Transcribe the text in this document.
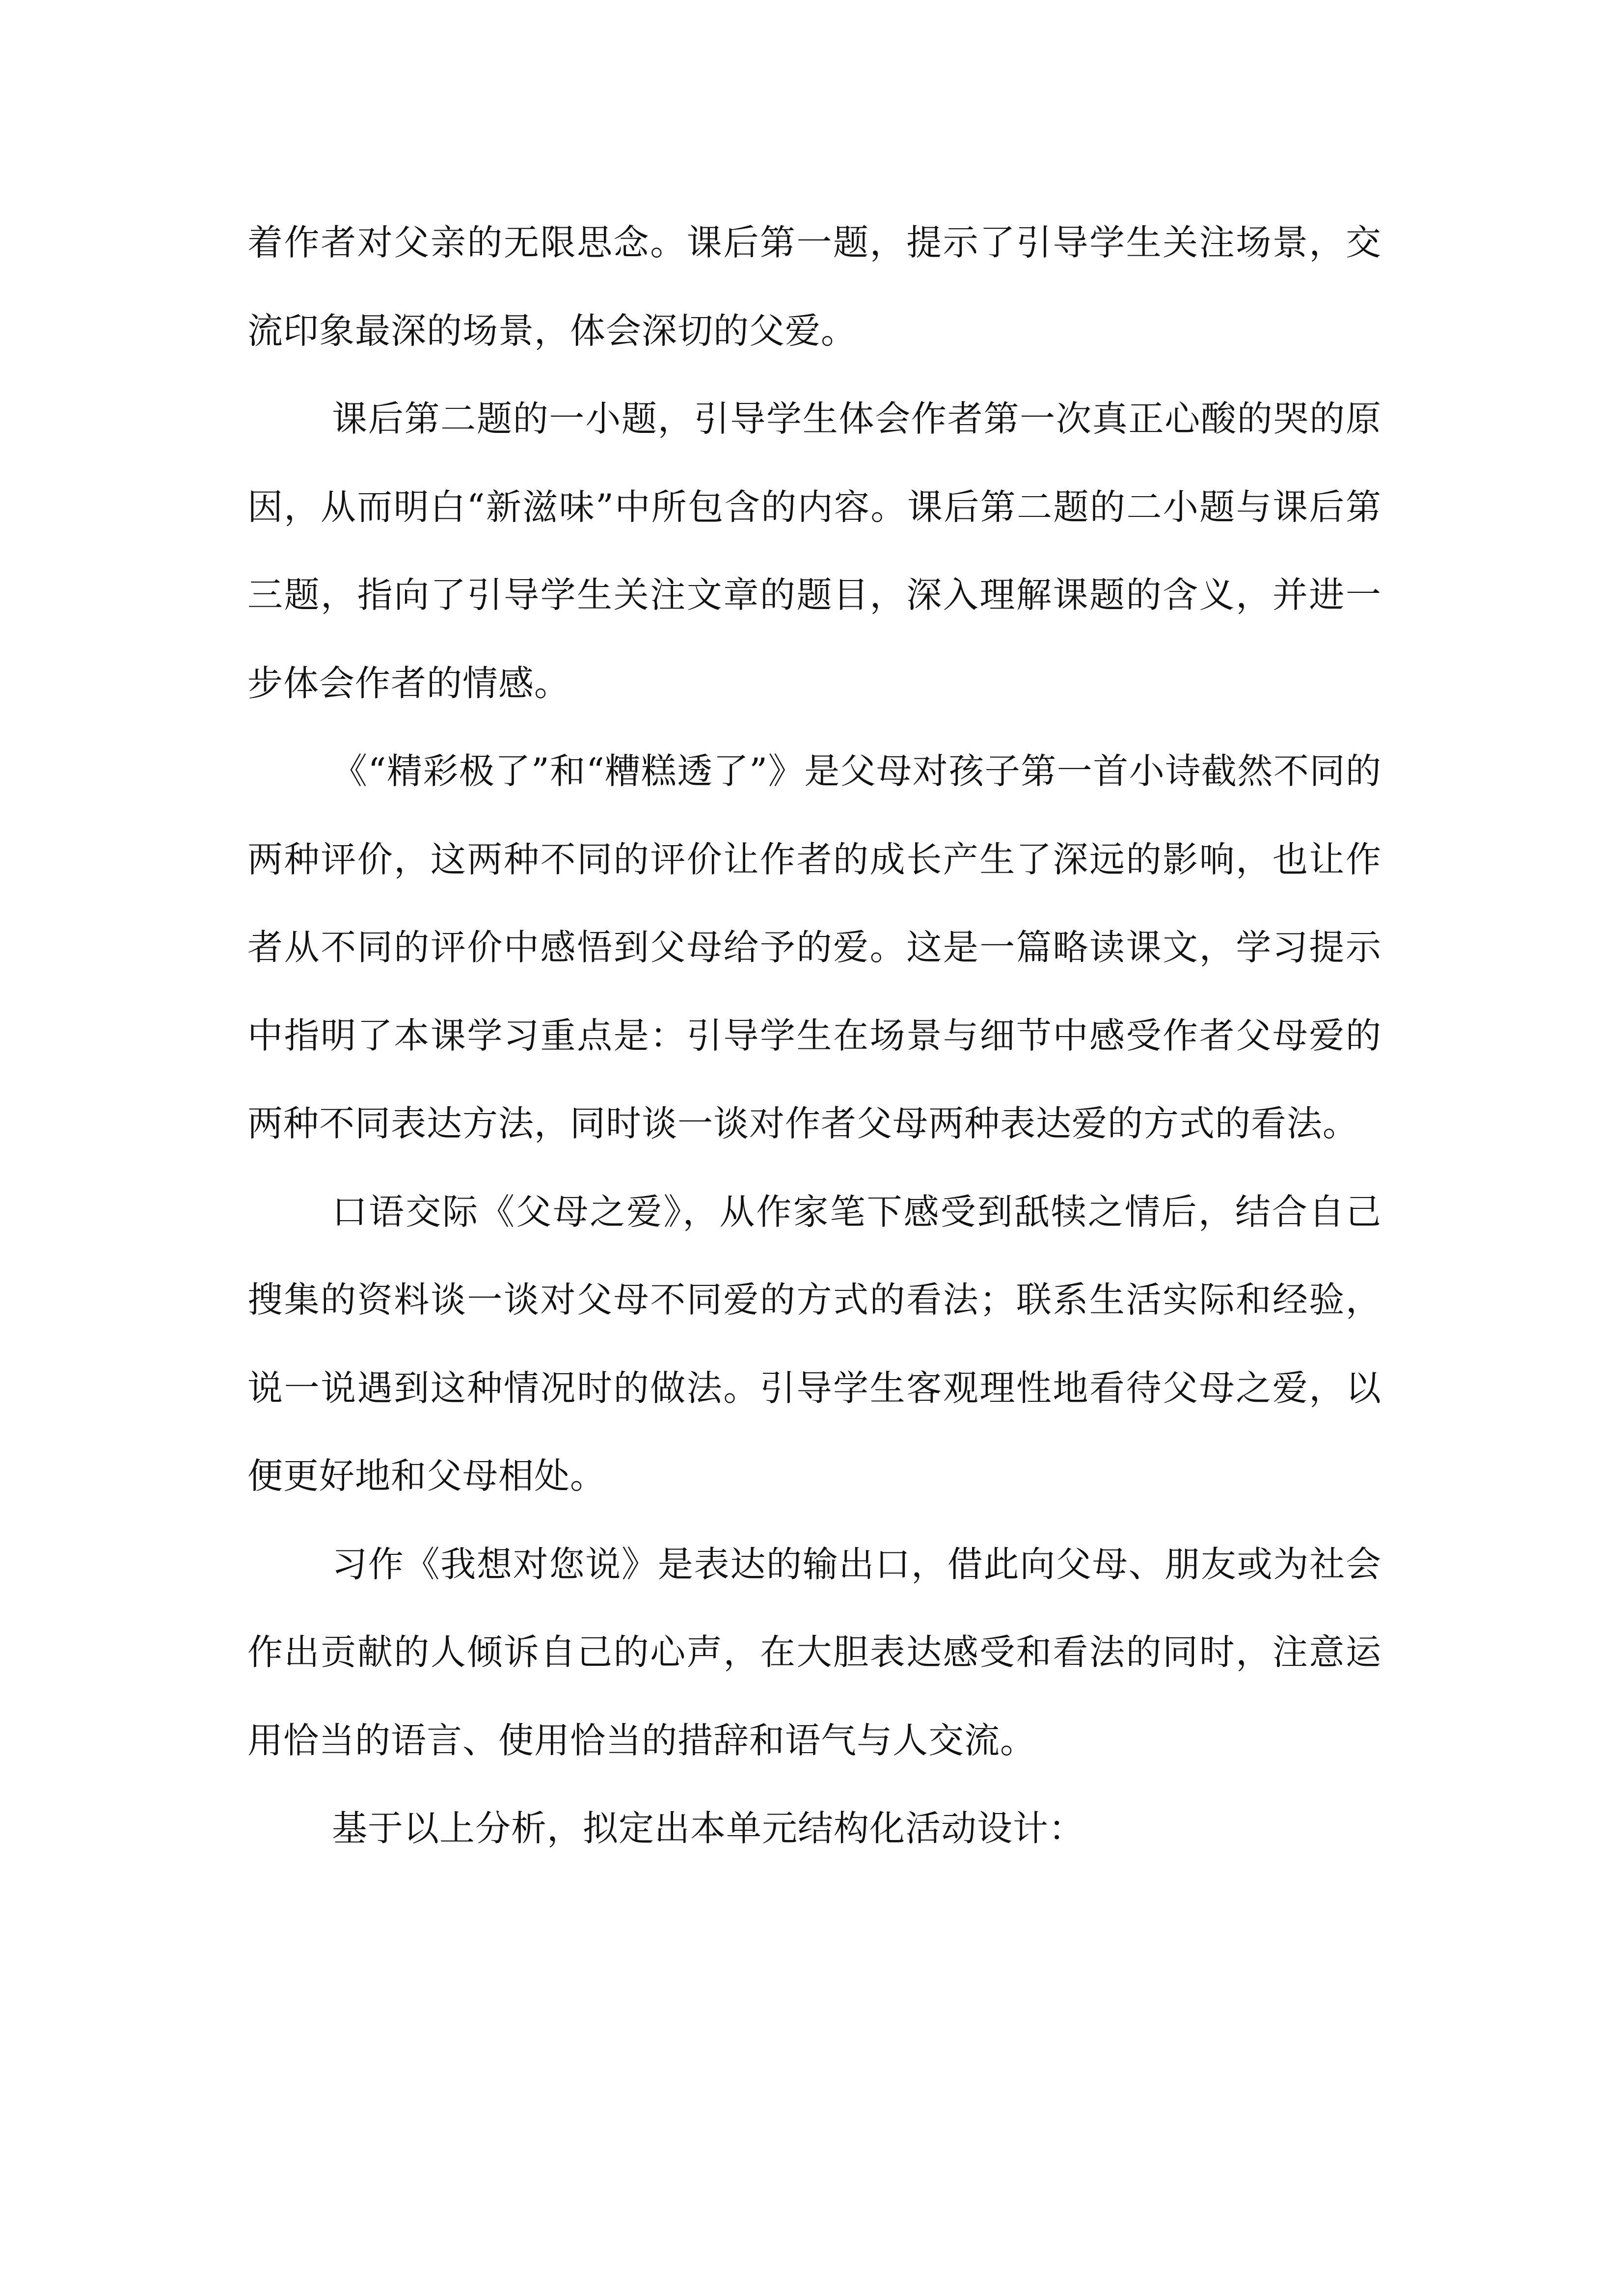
着作者对父亲的无限思念。课后第一题，提示了引导学生关注场景，交流印象最深的场景，体会深切的父爱。

课后第二题的一小题，引导学生体会作者第一次真正心酸的哭的原因，从而明白“新滋味”中所包含的内容。课后第二题的二小题与课后第三题，指向了引导学生关注文章的题目，深入理解课题的含义，并进一步体会作者的情感。

《“精彩极了”和“糟糕透了”》是父母对孩子第一首小诗截然不同的两种评价，这两种不同的评价让作者的成长产生了深远的影响，也让作者从不同的评价中感悟到父母给予的爱。这是一篇略读课文，学习提示中指明了本课学习重点是：引导学生在场景与细节中感受作者父母爱的两种不同表达方法，同时谈一谈对作者父母两种表达爱的方式的看法。

口语交际《父母之爱》，从作家笔下感受到舐犊之情后，结合自己搜集的资料谈一谈对父母不同爱的方式的看法；联系生活实际和经验，说一说遇到这种情况时的做法。引导学生客观理性地看待父母之爱，以便更好地和父母相处。

习作《我想对您说》是表达的输出口，借此向父母、朋友或为社会作出贡献的人倾诉自己的心声，在大胆表达感受和看法的同时，注意运用恰当的语言、使用恰当的措辞和语气与人交流。

基于以上分析，拟定出本单元结构化活动设计：
